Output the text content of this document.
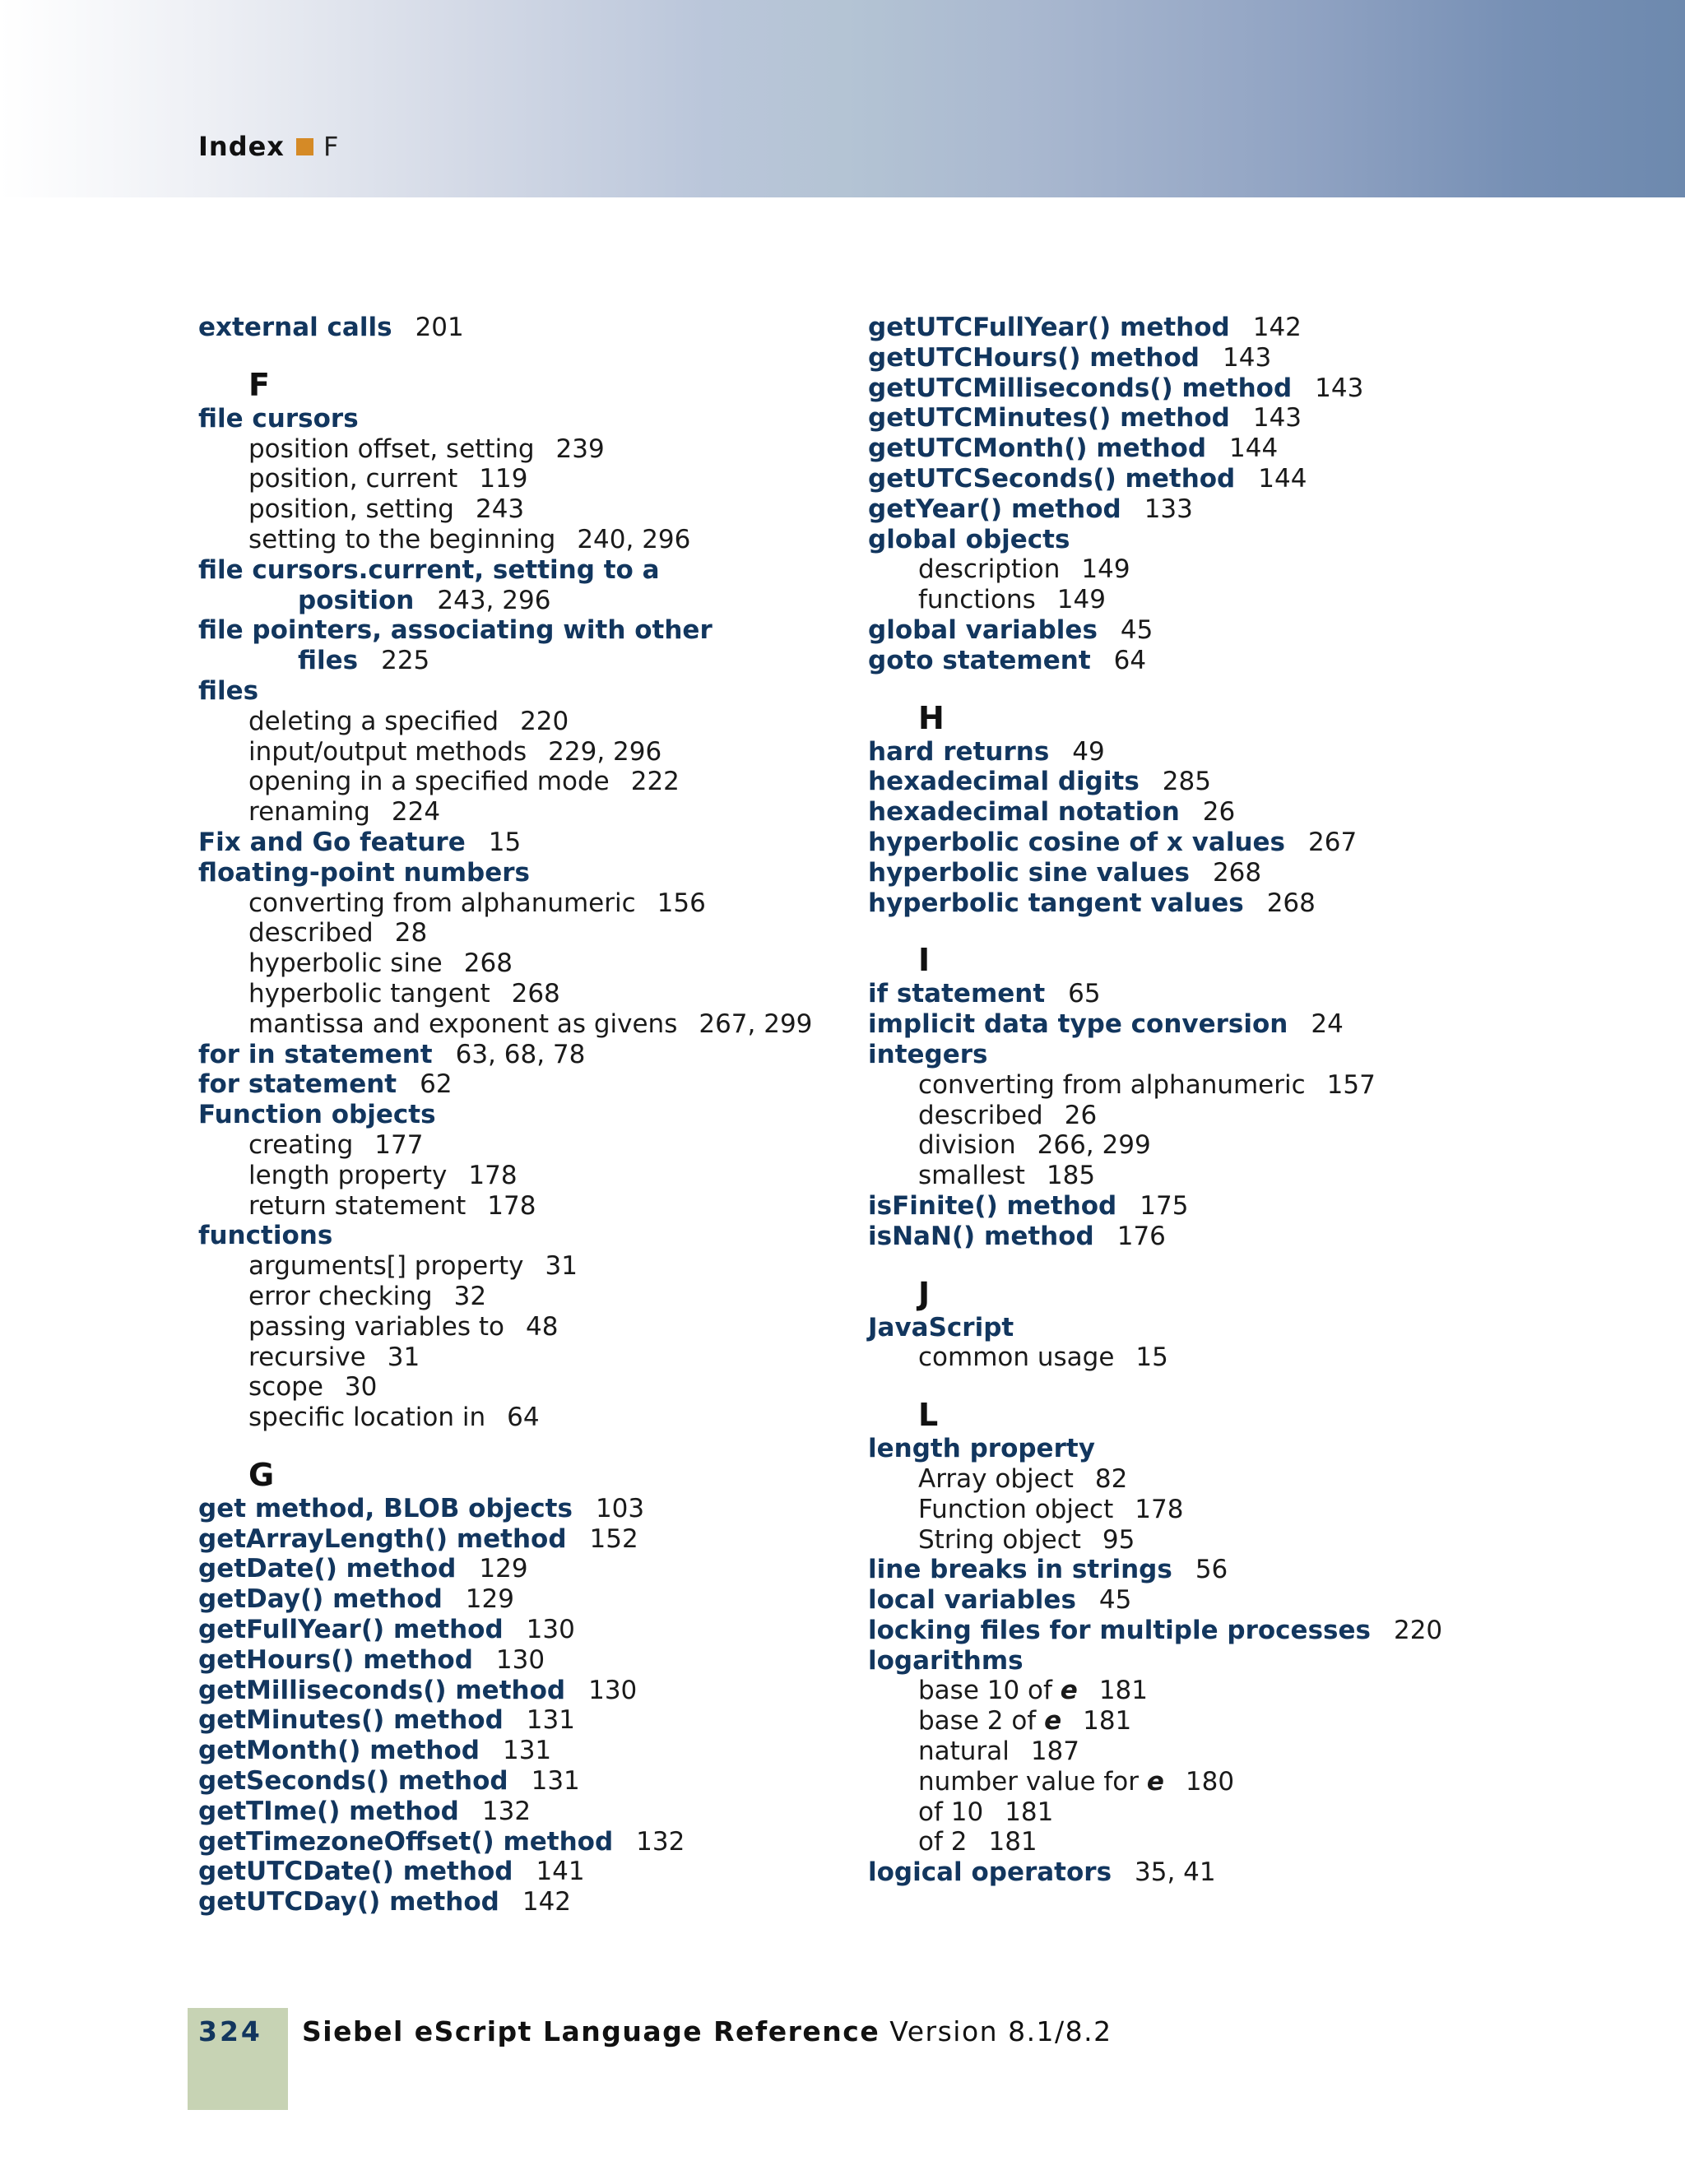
Index F
external calls 201
F
file cursors
position offset, setting 239
position, current 119
position, setting 243
setting to the beginning 240, 296
file cursors.current, setting to a
position 243, 296
file pointers, associating with other
files 225
files
deleting a specified 220
input/output methods 229, 296
opening in a specified mode 222
renaming 224
Fix and Go feature 15
floating-point numbers
converting from alphanumeric 156
described 28
hyperbolic sine 268
hyperbolic tangent 268
mantissa and exponent as givens 267, 299
for in statement 63, 68, 78
for statement 62
Function objects
creating 177
length property 178
return statement 178
functions
arguments[] property 31
error checking 32
passing variables to 48
recursive 31
scope 30
specific location in 64
G
get method, BLOB objects 103
getArrayLength() method 152
getDate() method 129
getDay() method 129
getFullYear() method 130
getHours() method 130
getMilliseconds() method 130
getMinutes() method 131
getMonth() method 131
getSeconds() method 131
getTIme() method 132
getTimezoneOffset() method 132
getUTCDate() method 141
getUTCDay() method 142
getUTCFullYear() method 142
getUTCHours() method 143
getUTCMilliseconds() method 143
getUTCMinutes() method 143
getUTCMonth() method 144
getUTCSeconds() method 144
getYear() method 133
global objects
description 149
functions 149
global variables 45
goto statement 64
H
hard returns 49
hexadecimal digits 285
hexadecimal notation 26
hyperbolic cosine of x values 267
hyperbolic sine values 268
hyperbolic tangent values 268
I
if statement 65
implicit data type conversion 24
integers
converting from alphanumeric 157
described 26
division 266, 299
smallest 185
isFinite() method 175
isNaN() method 176
J
JavaScript
common usage 15
L
length property
Array object 82
Function object 178
String object 95
line breaks in strings 56
local variables 45
locking files for multiple processes 220
logarithms
base 10 of e 181
base 2 of e 181
natural 187
number value for e 180
of 10 181
of 2 181
logical operators 35, 41
324 Siebel eScript Language Reference Version 8.1/8.2
